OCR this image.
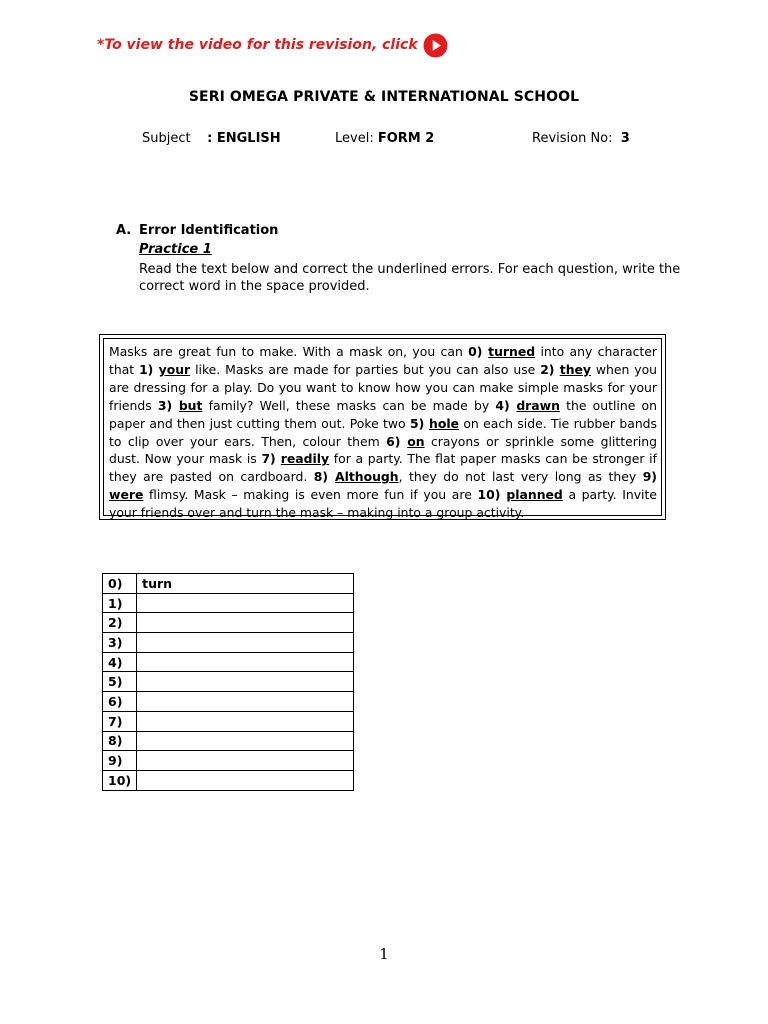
*To view the video for this revision, click
SERI OMEGA PRIVATE & INTERNATIONAL SCHOOL
Subject : ENGLISH	Level: FORM 2	Revision No: 3
A. Error Identification
Practice 1
Read the text below and correct the underlined errors. For each question, write the correct word in the space provided.
Masks are great fun to make. With a mask on, you can 0) turned into any character that 1) your like. Masks are made for parties but you can also use 2) they when you are dressing for a play. Do you want to know how you can make simple masks for your friends 3) but family? Well, these masks can be made by 4) drawn the outline on paper and then just cutting them out. Poke two 5) hole on each side. Tie rubber bands to clip over your ears. Then, colour them 6) on crayons or sprinkle some glittering dust. Now your mask is 7) readily for a party. The flat paper masks can be stronger if they are pasted on cardboard. 8) Although, they do not last very long as they 9) were flimsy. Mask – making is even more fun if you are 10) planned a party. Invite your friends over and turn the mask – making into a group activity.
0)	turn
1)	
2)	
3)	
4)	
5)	
6)	
7)	
8)	
9)	
10)	
1
